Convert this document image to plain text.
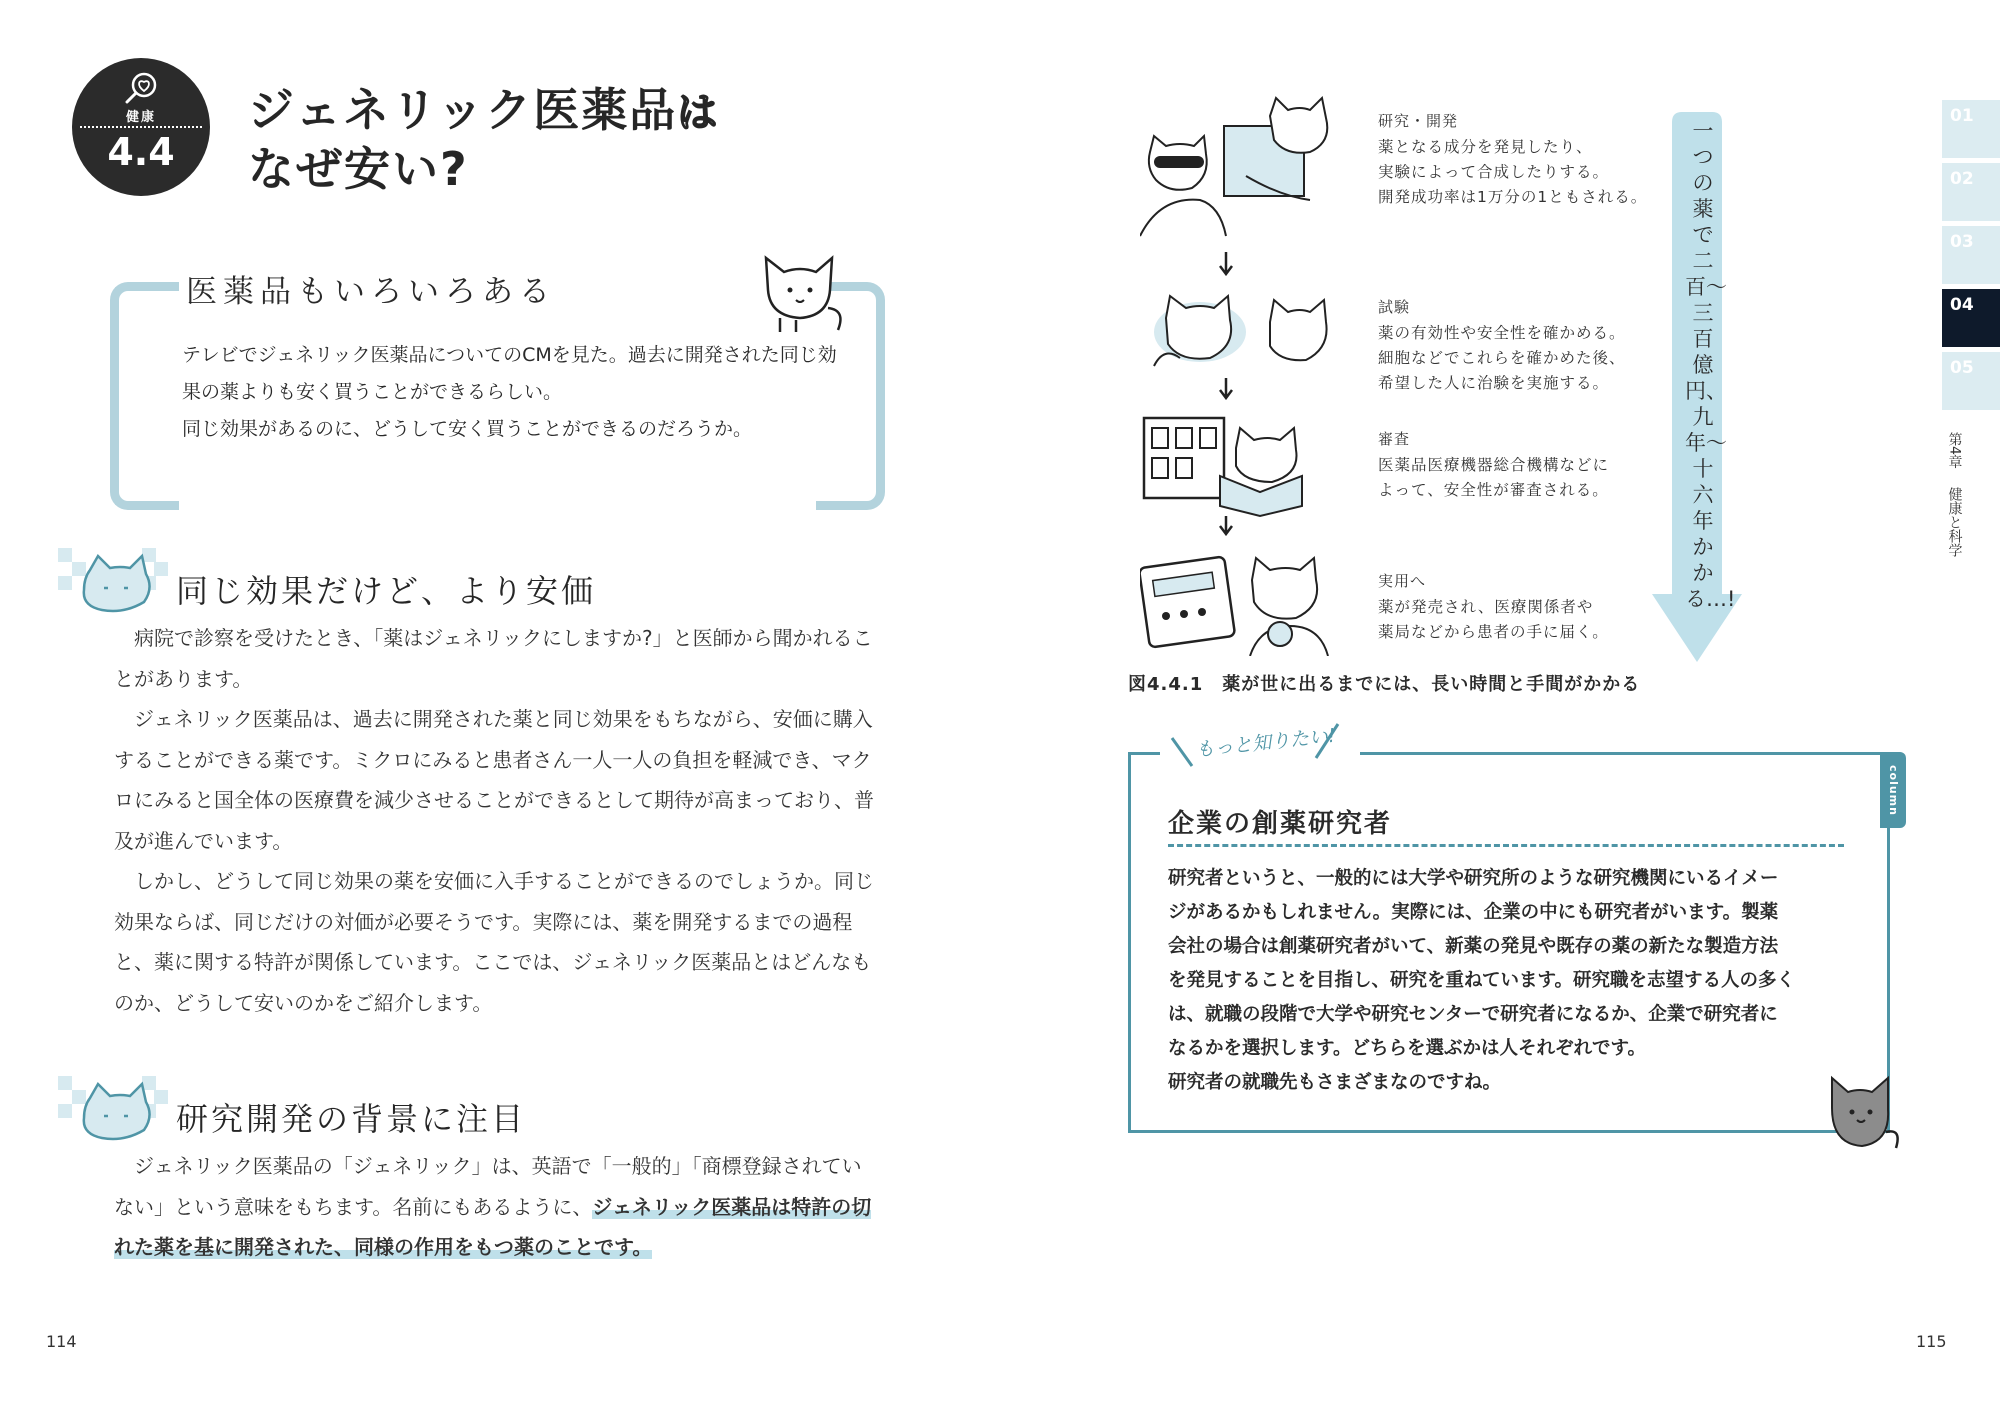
健康
4.4
ジェネリック医薬品は
なぜ安い?
医薬品もいろいろある
テレビでジェネリック医薬品についてのCMを見た。過去に開発された同じ効
果の薬よりも安く買うことができるらしい。
同じ効果があるのに、どうして安く買うことができるのだろうか。
同じ効果だけど、より安価

病院で診察を受けたとき、「薬はジェネリックにしますか?」と医師から聞かれることがあります。

ジェネリック医薬品は、過去に開発された薬と同じ効果をもちながら、安価に購入することができる薬です。ミクロにみると患者さん一人一人の負担を軽減でき、マクロにみると国全体の医療費を減少させることができるとして期待が高まっており、普及が進んでいます。

しかし、どうして同じ効果の薬を安価に入手することができるのでしょうか。同じ効果ならば、同じだけの対価が必要そうです。実際には、薬を開発するまでの過程と、薬に関する特許が関係しています。ここでは、ジェネリック医薬品とはどんなものか、どうして安いのかをご紹介します。

研究開発の背景に注目

ジェネリック医薬品の「ジェネリック」は、英語で「一般的」「商標登録されていない」という意味をもちます。名前にもあるように、ジェネリック医薬品は特許の切れた薬を基に開発された、同様の作用をもつ薬のことです。

114
研究・開発
薬となる成分を発見したり、
実験によって合成したりする。
開発成功率は1万分の1ともされる。
試験
薬の有効性や安全性を確かめる。
細胞などでこれらを確かめた後、
希望した人に治験を実施する。
審査
医薬品医療機器総合機構などに
よって、安全性が審査される。
実用へ
薬が発売され、医療関係者や
薬局などから患者の手に届く。
一つの薬で二百〜三百億円、九年〜十六年かかる…!
図4.4.1　薬が世に出るまでには、長い時間と手間がかかる
もっと知りたい!
column
企業の創薬研究者
研究者というと、一般的には大学や研究所のような研究機関にいるイメー
ジがあるかもしれません。実際には、企業の中にも研究者がいます。製薬
会社の場合は創薬研究者がいて、新薬の発見や既存の薬の新たな製造方法
を発見することを目指し、研究を重ねています。研究職を志望する人の多く
は、就職の段階で大学や研究センターで研究者になるか、企業で研究者に
なるかを選択します。どちらを選ぶかは人それぞれです。
研究者の就職先もさまざまなのですね。
01
02
03
04
05
第4章
健康と科学
115
